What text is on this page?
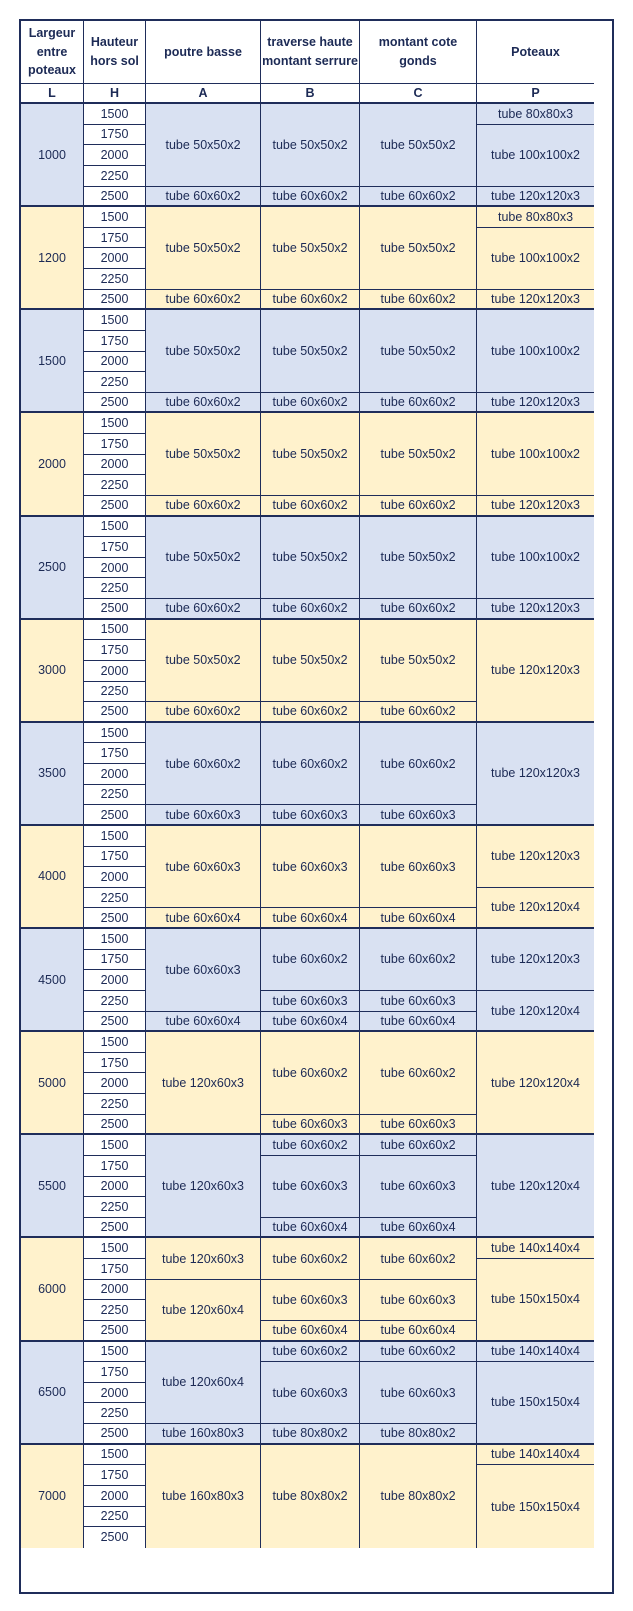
Largeur entre poteaux
L
Hauteur hors sol
H
poutre basse
A
traverse haute montant serrure
B
montant cote gonds
C
Poteaux
P
1000
1500
1750
2000
2250
2500
tube 50x50x2
tube 60x60x2
tube 50x50x2
tube 60x60x2
tube 50x50x2
tube 60x60x2
tube 80x80x3
tube 100x100x2
tube 120x120x3
1200
1500
1750
2000
2250
2500
tube 50x50x2
tube 60x60x2
tube 50x50x2
tube 60x60x2
tube 50x50x2
tube 60x60x2
tube 80x80x3
tube 100x100x2
tube 120x120x3
1500
1500
1750
2000
2250
2500
tube 50x50x2
tube 60x60x2
tube 50x50x2
tube 60x60x2
tube 50x50x2
tube 60x60x2
tube 100x100x2
tube 120x120x3
2000
1500
1750
2000
2250
2500
tube 50x50x2
tube 60x60x2
tube 50x50x2
tube 60x60x2
tube 50x50x2
tube 60x60x2
tube 100x100x2
tube 120x120x3
2500
1500
1750
2000
2250
2500
tube 50x50x2
tube 60x60x2
tube 50x50x2
tube 60x60x2
tube 50x50x2
tube 60x60x2
tube 100x100x2
tube 120x120x3
3000
1500
1750
2000
2250
2500
tube 50x50x2
tube 60x60x2
tube 50x50x2
tube 60x60x2
tube 50x50x2
tube 60x60x2
tube 120x120x3
3500
1500
1750
2000
2250
2500
tube 60x60x2
tube 60x60x3
tube 60x60x2
tube 60x60x3
tube 60x60x2
tube 60x60x3
tube 120x120x3
4000
1500
1750
2000
2250
2500
tube 60x60x3
tube 60x60x4
tube 60x60x3
tube 60x60x4
tube 60x60x3
tube 60x60x4
tube 120x120x3
tube 120x120x4
4500
1500
1750
2000
2250
2500
tube 60x60x3
tube 60x60x4
tube 60x60x2
tube 60x60x3
tube 60x60x4
tube 60x60x2
tube 60x60x3
tube 60x60x4
tube 120x120x3
tube 120x120x4
5000
1500
1750
2000
2250
2500
tube 120x60x3
tube 60x60x2
tube 60x60x3
tube 60x60x2
tube 60x60x3
tube 120x120x4
5500
1500
1750
2000
2250
2500
tube 120x60x3
tube 60x60x2
tube 60x60x3
tube 60x60x4
tube 60x60x2
tube 60x60x3
tube 60x60x4
tube 120x120x4
6000
1500
1750
2000
2250
2500
tube 120x60x3
tube 120x60x4
tube 60x60x2
tube 60x60x3
tube 60x60x4
tube 60x60x2
tube 60x60x3
tube 60x60x4
tube 140x140x4
tube 150x150x4
6500
1500
1750
2000
2250
2500
tube 120x60x4
tube 160x80x3
tube 60x60x2
tube 60x60x3
tube 80x80x2
tube 60x60x2
tube 60x60x3
tube 80x80x2
tube 140x140x4
tube 150x150x4
7000
1500
1750
2000
2250
2500
tube 160x80x3	tube 80x80x2	tube 80x80x2
tube 140x140x4
tube 150x150x4
